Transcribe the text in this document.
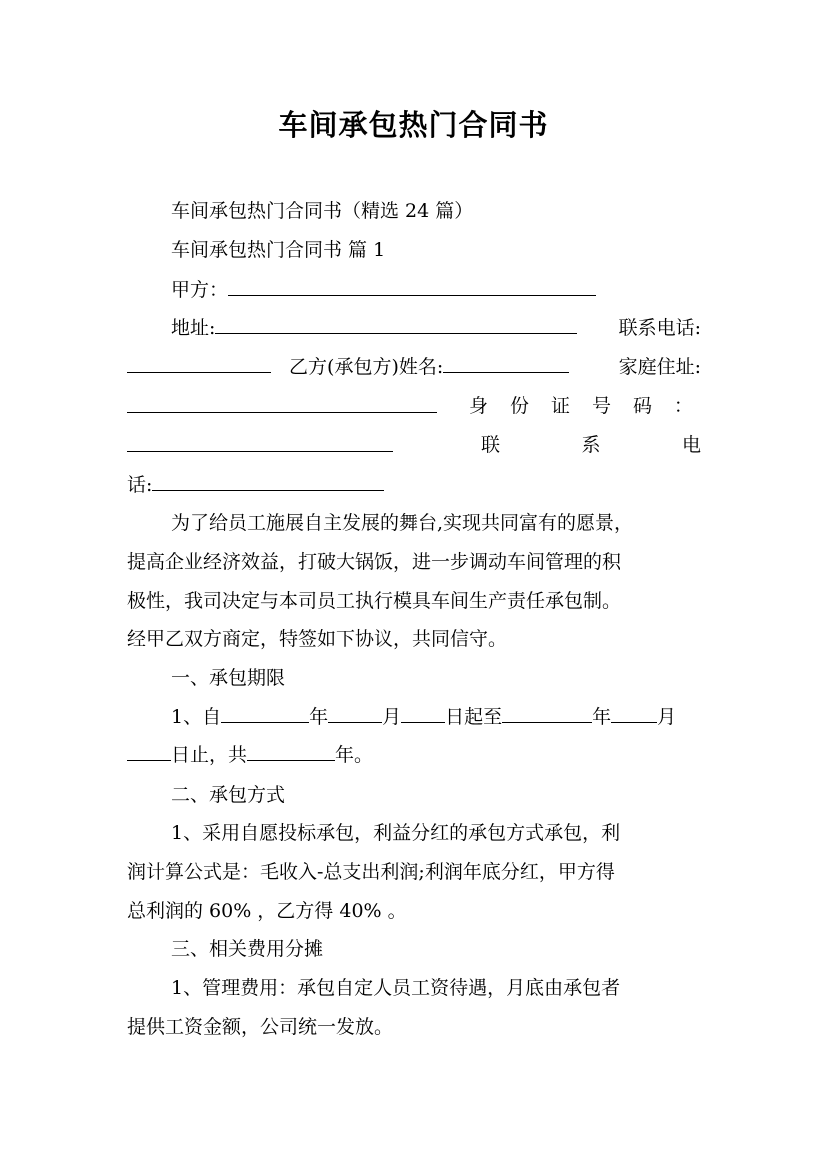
车间承包热门合同书
车间承包热门合同书（精选 24 篇）
车间承包热门合同书 篇 1
甲方：
地址:	联系电话:
乙方(承包方)姓名:	家庭住址:
身 份 证 号 码 ：
联	系	电
话:
为了给员工施展自主发展的舞台,实现共同富有的愿景，
提高企业经济效益，打破大锅饭，进一步调动车间管理的积
极性，我司决定与本司员工执行模具车间生产责任承包制。
经甲乙双方商定，特签如下协议，共同信守。
一、承包期限
1、自	年	月 日起至	年 月
日止，共	年。
二、承包方式
1、采用自愿投标承包，利益分红的承包方式承包，利
润计算公式是：毛收入-总支出利润;利润年底分红，甲方得
总利润的 60% ，乙方得 40% 。
三、相关费用分摊
1、管理费用：承包自定人员工资待遇，月底由承包者
提供工资金额，公司统一发放。
